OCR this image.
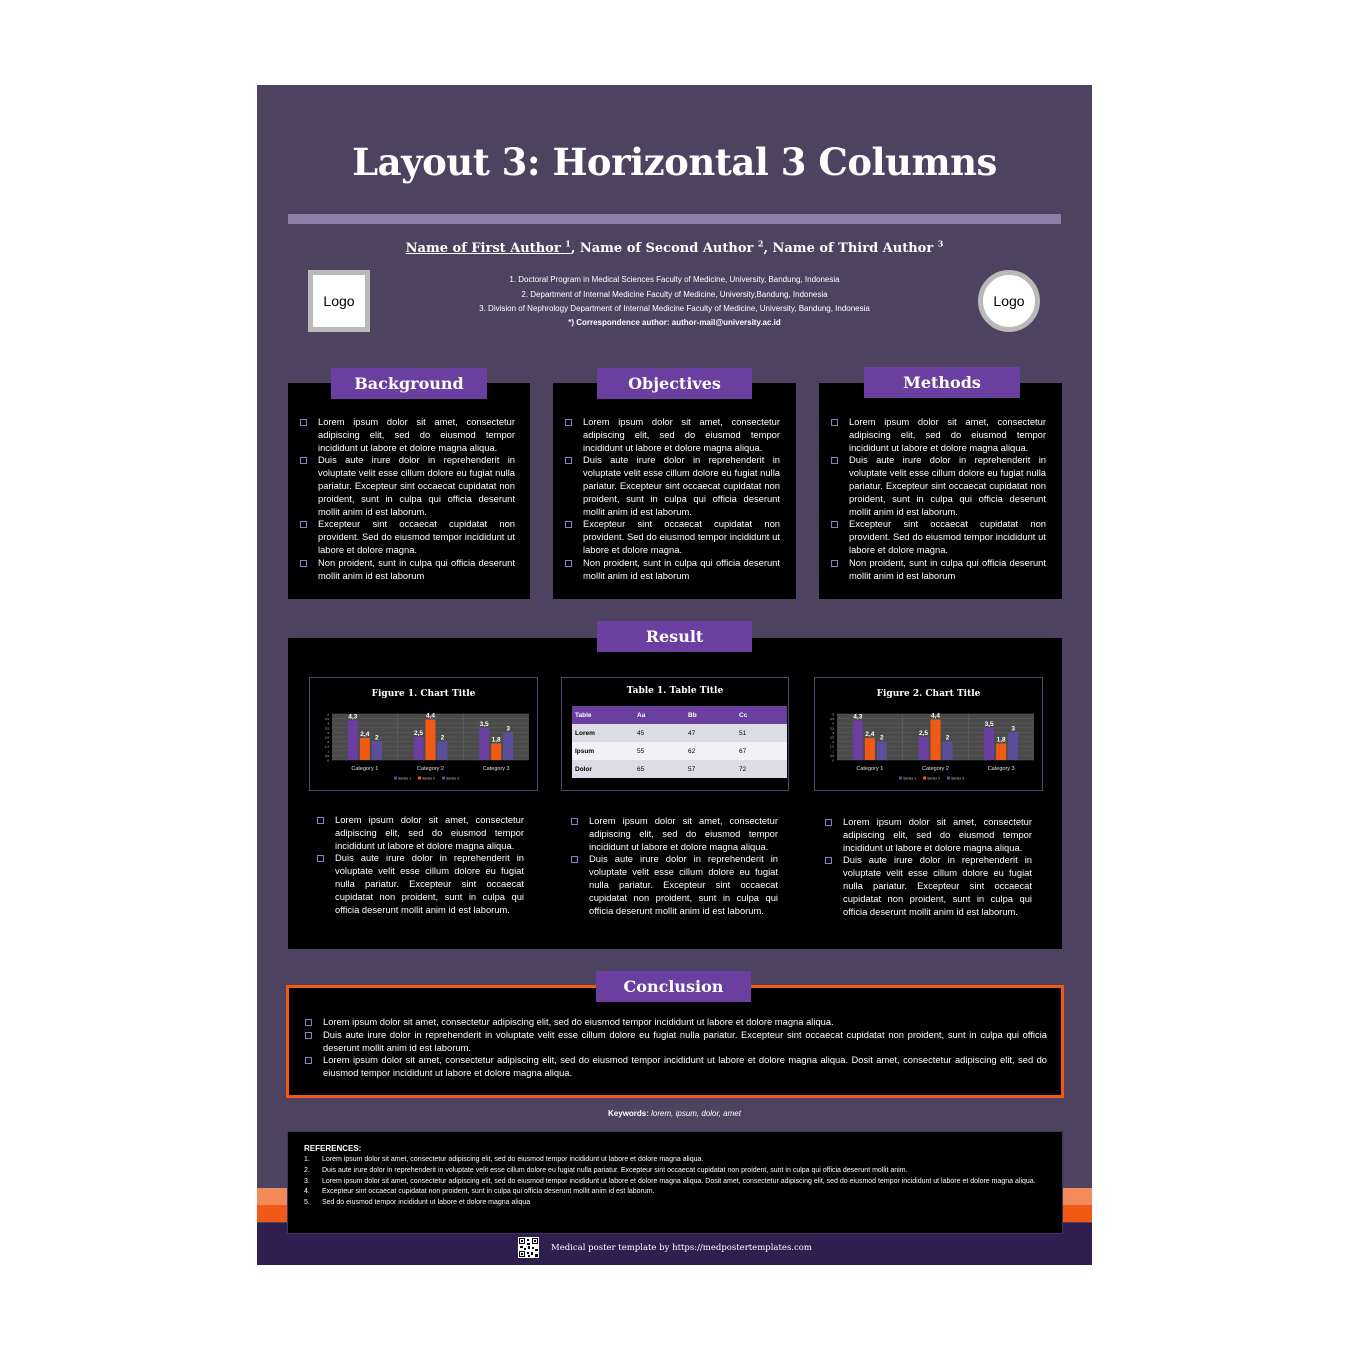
Layout 3: Horizontal 3 Columns
Name of First Author $^1$, Name of Second Author $^2$, Name of Third Author $^3$
1. Doctoral Program in Medical Sciences Faculty of Medicine, University, Bandung, Indonesia
2. Department of Internal Medicine Faculty of Medicine, University,Bandung, Indonesia
3. Division of Nephrology Department of Internal Medicine Faculty of Medicine, University, Bandung, Indonesia
*) Correspondence author: author-mail@university.ac.id
Logo	Logo
Lorem ipsum dolor sit amet, consectetur adipiscing elit, sed do eiusmod tempor incididunt ut labore et dolore magna aliqua.
Duis aute irure dolor in reprehenderit in voluptate velit esse cillum dolore eu fugiat nulla pariatur. Excepteur sint occaecat cupidatat non proident, sunt in culpa qui officia deserunt mollit anim id est laborum.
Excepteur sint occaecat cupidatat non provident. Sed do eiusmod tempor incididunt ut labore et dolore magna.
Non proident, sunt in culpa qui officia deserunt mollit anim id est laborum
Background
Lorem ipsum dolor sit amet, consectetur adipiscing elit, sed do eiusmod tempor incididunt ut labore et dolore magna aliqua.
Duis aute irure dolor in reprehenderit in voluptate velit esse cillum dolore eu fugiat nulla pariatur. Excepteur sint occaecat cupidatat non proident, sunt in culpa qui officia deserunt mollit anim id est laborum.
Excepteur sint occaecat cupidatat non provident. Sed do eiusmod tempor incididunt ut labore et dolore magna.
Non proident, sunt in culpa qui officia deserunt mollit anim id est laborum
Objectives
Lorem ipsum dolor sit amet, consectetur adipiscing elit, sed do eiusmod tempor incididunt ut labore et dolore magna aliqua.
Duis aute irure dolor in reprehenderit in voluptate velit esse cillum dolore eu fugiat nulla pariatur. Excepteur sint occaecat cupidatat non proident, sunt in culpa qui officia deserunt mollit anim id est laborum.
Excepteur sint occaecat cupidatat non provident. Sed do eiusmod tempor incididunt ut labore et dolore magna.
Non proident, sunt in culpa qui officia deserunt mollit anim id est laborum
Methods
Figure 1. Chart Title
0
0,5
1
1,5
2
2,5
3
3,5
4
4,5
5	4,3
2,4
2
Category 1
2,5
4,4
2
Category 2
3,5
1,8
3
Category 3
Series 1	Series 2	Series 3
Table 1. Table Title
Table	Aa	Bb	Cc
Lorem	45	47	51
Ipsum	55	62	67
Dolor	65	57	72
Figure 2. Chart Title
0
0,5
1
1,5
2
2,5
3
3,5
4
4,5
5	4,3
2,4
2
Category 1
2,5
4,4
2
Category 2
3,5
1,8
3
Category 3
Series 1	Series 2	Series 3
Lorem ipsum dolor sit amet, consectetur adipiscing elit, sed do eiusmod tempor incididunt ut labore et dolore magna aliqua.
Duis aute irure dolor in reprehenderit in voluptate velit esse cillum dolore eu fugiat nulla pariatur. Excepteur sint occaecat cupidatat non proident, sunt in culpa qui officia deserunt mollit anim id est laborum.
Lorem ipsum dolor sit amet, consectetur adipiscing elit, sed do eiusmod tempor incididunt ut labore et dolore magna aliqua.
Duis aute irure dolor in reprehenderit in voluptate velit esse cillum dolore eu fugiat nulla pariatur. Excepteur sint occaecat cupidatat non proident, sunt in culpa qui officia deserunt mollit anim id est laborum.
Lorem ipsum dolor sit amet, consectetur adipiscing elit, sed do eiusmod tempor incididunt ut labore et dolore magna aliqua.
Duis aute irure dolor in reprehenderit in voluptate velit esse cillum dolore eu fugiat nulla pariatur. Excepteur sint occaecat cupidatat non proident, sunt in culpa qui officia deserunt mollit anim id est laborum.
Result
Lorem ipsum dolor sit amet, consectetur adipiscing elit, sed do eiusmod tempor incididunt ut labore et dolore magna aliqua.
Duis aute irure dolor in reprehenderit in voluptate velit esse cillum dolore eu fugiat nulla pariatur. Excepteur sint occaecat cupidatat non proident, sunt in culpa qui officia deserunt mollit anim id est laborum.
Lorem ipsum dolor sit amet, consectetur adipiscing elit, sed do eiusmod tempor incididunt ut labore et dolore magna aliqua. Dosit amet, consectetur adipiscing elit, sed do eiusmod tempor incididunt ut labore et dolore magna aliqua.
Conclusion
Keywords: lorem, ipsum, dolor, amet
REFERENCES:
1. Lorem ipsum dolor sit amet, consectetur adipiscing elit, sed do eiusmod tempor incididunt ut labore et dolore magna aliqua.
2. Duis aute irure dolor in reprehenderit in voluptate velit esse cillum dolore eu fugiat nulla pariatur. Excepteur sint occaecat cupidatat non proident, sunt in culpa qui officia deserunt mollit anim.
3. Lorem ipsum dolor sit amet, consectetur adipiscing elit, sed do eiusmod tempor incididunt ut labore et dolore magna aliqua. Dosit amet, consectetur adipiscing elit, sed do eiusmod tempor incididunt ut labore et dolore magna aliqua.
4. Excepteur sint occaecat cupidatat non proident, sunt in culpa qui officia deserunt mollit anim id est laborum.
5. Sed do eiusmod tempor incididunt ut labore et dolore magna aliqua
Medical poster template by https://medpostertemplates.com
